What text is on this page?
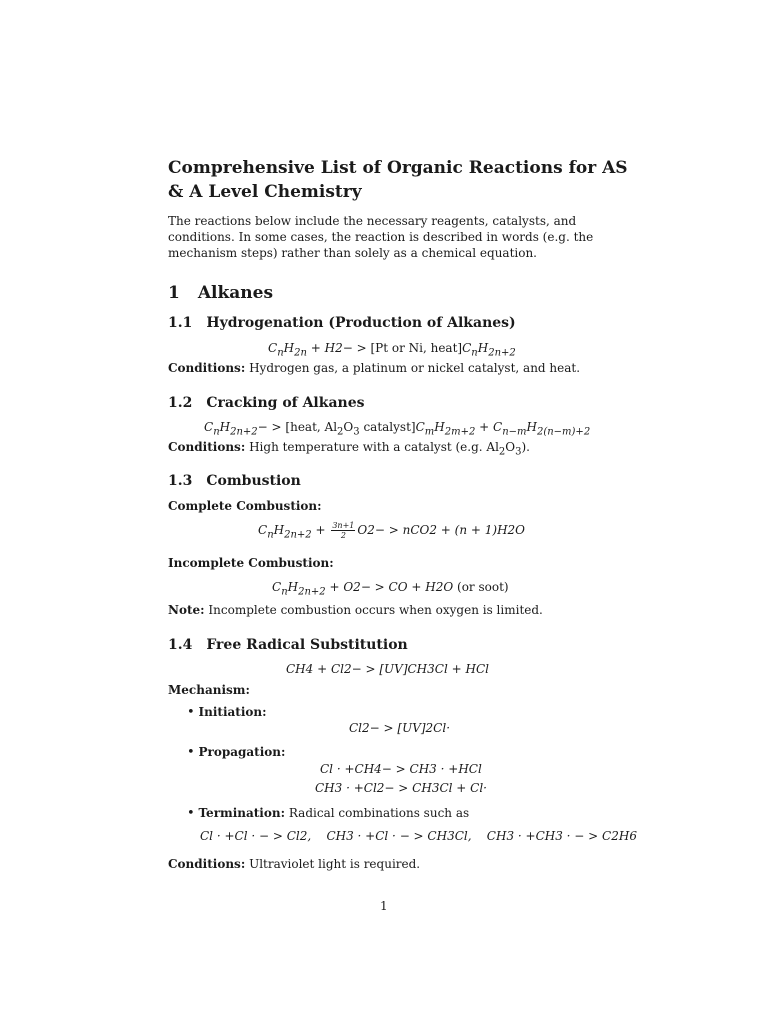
Comprehensive List of Organic Reactions for AS & A Level Chemistry
The reactions below include the necessary reagents, catalysts, and conditions. In some cases, the reaction is described in words (e.g. the mechanism steps) rather than solely as a chemical equation.
1 Alkanes
1.1 Hydrogenation (Production of Alkanes)
$C_nH_{2n} + H2- > [Pt$ or Ni, $heat]C_nH_{2n+2}$
Conditions: Hydrogen gas, a platinum or nickel catalyst, and heat.
1.2 Cracking of Alkanes
$C_nH_{2n+2}-$ > [heat, $Al_2O_3$ $catalyst]C_mH_{2m+2} + C_{n-m}H_{2(n-m)+2}$
Conditions: High temperature with a catalyst (e.g. $Al_2O_3$).
1.3 Combustion
Complete Combustion:
$C_nH_{2n+2} + \frac{3n+1}{2} O2- > nCO2 + (n + 1)H2O$
Incomplete Combustion:
$C_nH_{2n+2} + O2-$ > CO + H2O (or soot)
Note: Incomplete combustion occurs when oxygen is limited.
1.4 Free Radical Substitution
CH4 + Cl2− > [UV]CH3Cl + HCl
Mechanism:
• Initiation:
Cl2− > [UV]2Cl·
• Propagation:
Cl · +CH4− > CH3 · +HCl
CH3 · +Cl2− > CH3Cl + Cl·
• Termination: Radical combinations such as
Cl · +Cl · − > Cl2,    CH3 · +Cl · − > CH3Cl,    CH3 · +CH3 · − > C2H6
Conditions: Ultraviolet light is required.
1
